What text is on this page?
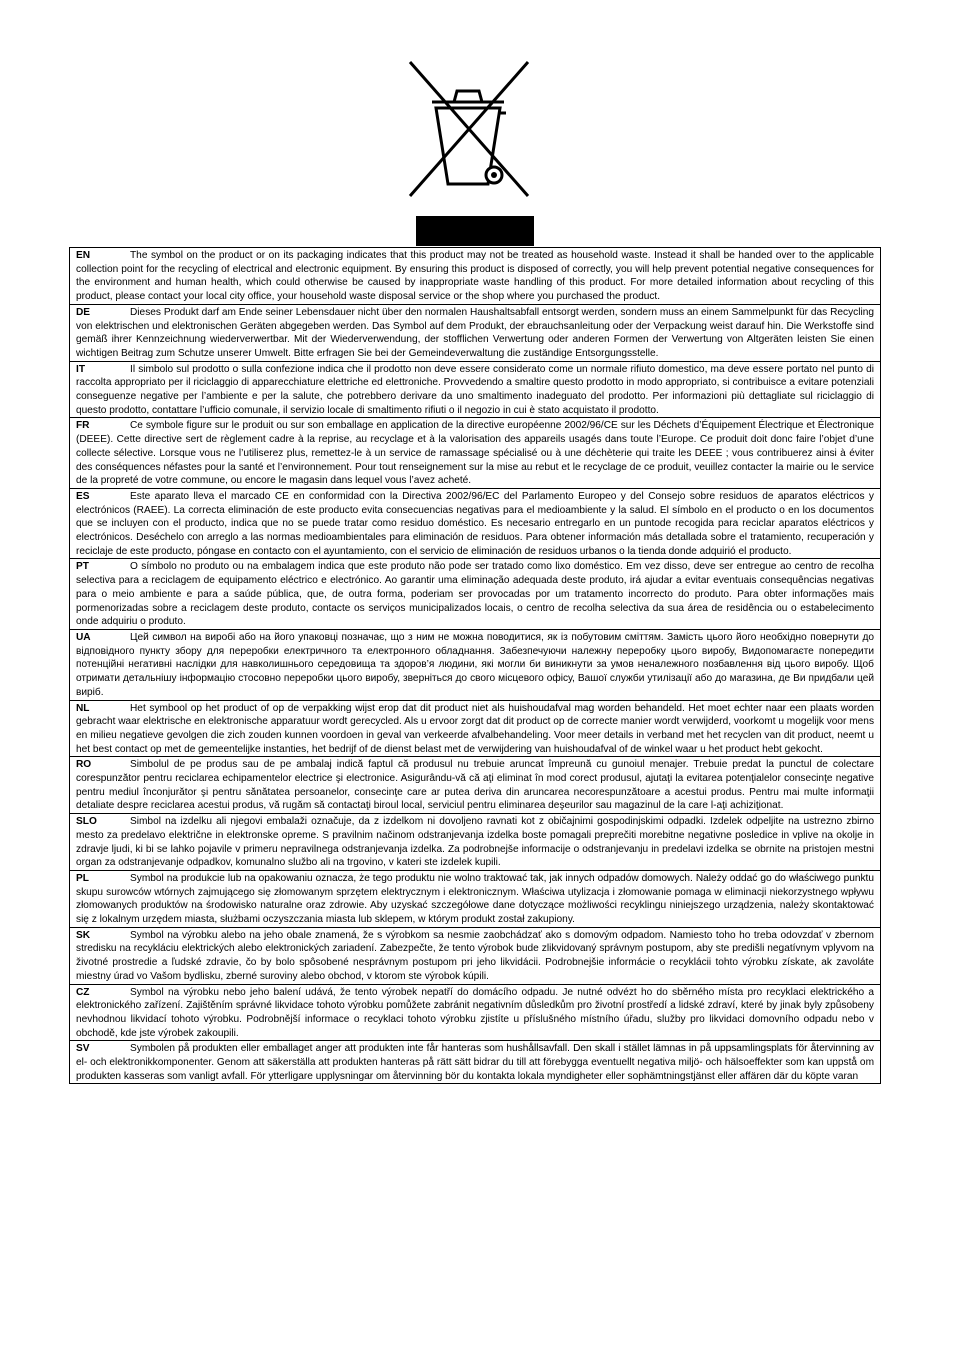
EN	The symbol on the product or on its packaging indicates that this product may not be treated as household waste. Instead it shall be handed over to the applicable collection point for the recycling of electrical and electronic equipment. By ensuring this product is disposed of correctly, you will help prevent potential negative consequences for the environment and human health, which could otherwise be caused by inappropriate waste handling of this product. For more detailed information about recycling of this product, please contact your local city office, your household waste disposal service or the shop where you purchased the product.
DE	Dieses Produkt darf am Ende seiner Lebensdauer nicht über den normalen Haushaltsabfall entsorgt werden, sondern muss an einem Sammelpunkt für das Recycling von elektrischen und elektronischen Geräten abgegeben werden. Das Symbol auf dem Produkt, der ebrauchsanleitung oder der Verpackung weist darauf hin. Die Werkstoffe sind gemäß ihrer Kennzeichnung wiederverwertbar. Mit der Wiederverwendung, der stofflichen Verwertung oder anderen Formen der Verwertung von Altgeräten leisten Sie einen wichtigen Beitrag zum Schutze unserer Umwelt. Bitte erfragen Sie bei der Gemeindeverwaltung die zuständige Entsorgungsstelle.
IT	Il simbolo sul prodotto o sulla confezione indica che il prodotto non deve essere considerato come un normale rifiuto domestico, ma deve essere portato nel punto di raccolta appropriato per il riciclaggio di apparecchiature elettriche ed elettroniche. Provvedendo a smaltire questo prodotto in modo appropriato, si contribuisce a evitare potenziali conseguenze negative per l’ambiente e per la salute, che potrebbero derivare da uno smaltimento inadeguato del prodotto. Per informazioni più dettagliate sul riciclaggio di questo prodotto, contattare l’ufficio comunale, il servizio locale di smaltimento rifiuti o il negozio in cui è stato acquistato il prodotto.
FR	Ce symbole figure sur le produit ou sur son emballage en application de la directive européenne 2002/96/CE sur les Déchets d’Équipement Électrique et Électronique (DEEE). Cette directive sert de règlement cadre à la reprise, au recyclage et à la valorisation des appareils usagés dans toute l’Europe. Ce produit doit donc faire l’objet d’une collecte sélective. Lorsque vous ne l’utiliserez plus, remettez-le à un service de ramassage spécialisé ou à une déchèterie qui traite les DEEE ; vous contribuerez ainsi à éviter des conséquences néfastes pour la santé et l’environnement. Pour tout renseignement sur la mise au rebut et le recyclage de ce produit, veuillez contacter la mairie ou le service de la propreté de votre commune, ou encore le magasin dans lequel vous l’avez acheté.
ES	Este aparato lleva el marcado CE en conformidad con la Directiva 2002/96/EC del Parlamento Europeo y del Consejo sobre residuos de aparatos eléctricos y electrónicos (RAEE). La correcta eliminación de este producto evita consecuencias negativas para el medioambiente y la salud. El símbolo en el producto o en los documentos que se incluyen con el producto, indica que no se puede tratar como residuo doméstico. Es necesario entregarlo en un puntode recogida para reciclar aparatos eléctricos y electrónicos. Deséchelo con arreglo a las normas medioambientales para eliminación de residuos. Para obtener información más detallada sobre el tratamiento, recuperación y reciclaje de este producto, póngase en contacto con el ayuntamiento, con el servicio de eliminación de residuos urbanos o la tienda donde adquirió el producto.
PT	O símbolo no produto ou na embalagem indica que este produto não pode ser tratado como lixo doméstico. Em vez disso, deve ser entregue ao centro de recolha selectiva para a reciclagem de equipamento eléctrico e electrónico. Ao garantir uma eliminação adequada deste produto, irá ajudar a evitar eventuais consequências negativas para o meio ambiente e para a saúde pública, que, de outra forma, poderiam ser provocadas por um tratamento incorrecto do produto. Para obter informações mais pormenorizadas sobre a reciclagem deste produto, contacte os serviços municipalizados locais, o centro de recolha selectiva da sua área de residência ou o estabelecimento onde adquiriu o produto.
UA	Цей символ на виробі або на його упаковці позначає, що з ним не можна поводитися, як із побутовим сміттям. Замість цього його необхідно повернути до відповідного пункту збору для переробки електричного та електронного обладнання. Забезпечуючи належну переробку цього виробу, Видопомагаєте попередити потенційні негативні наслідки для навколишнього середовища та здоров’я людини, які могли би виникнути за умов неналежного позбавлення від цього виробу. Щоб отримати детальнішу інформацію стосовно переробки цього виробу, зверніться до свого місцевого офісу, Вашої служби утилізації або до магазина, де Ви придбали цей виріб.
NL	Het symbool op het product of op de verpakking wijst erop dat dit product niet als huishoudafval mag worden behandeld. Het moet echter naar een plaats worden gebracht waar elektrische en elektronische apparatuur wordt gerecycled. Als u ervoor zorgt dat dit product op de correcte manier wordt verwijderd, voorkomt u mogelijk voor mens en milieu negatieve gevolgen die zich zouden kunnen voordoen in geval van verkeerde afvalbehandeling. Voor meer details in verband met het recyclen van dit product, neemt u het best contact op met de gemeentelijke instanties, het bedrijf of de dienst belast met de verwijdering van huishoudafval of de winkel waar u het product hebt gekocht.
RO	Simbolul de pe produs sau de pe ambalaj indică faptul că produsul nu trebuie aruncat împreună cu gunoiul menajer. Trebuie predat la punctul de colectare corespunzător pentru reciclarea echipamentelor electrice şi electronice. Asigurându-vă că aţi eliminat în mod corect produsul, ajutaţi la evitarea potenţialelor consecinţe negative pentru mediul înconjurător şi pentru sănătatea persoanelor, consecinţe care ar putea deriva din aruncarea necorespunzătoare a acestui produs. Pentru mai multe informaţii detaliate despre reciclarea acestui produs, vă rugăm să contactaţi biroul local, serviciul pentru eliminarea deşeurilor sau magazinul de la care l-aţi achiziţionat.
SLO	Simbol na izdelku ali njegovi embalaži označuje, da z izdelkom ni dovoljeno ravnati kot z običajnimi gospodinjskimi odpadki. Izdelek odpeljite na ustrezno zbirno mesto za predelavo električne in elektronske opreme. S pravilnim načinom odstranjevanja izdelka boste pomagali preprečiti morebitne negativne posledice in vplive na okolje in zdravje ljudi, ki bi se lahko pojavile v primeru nepravilnega odstranjevanja izdelka. Za podrobnejše informacije o odstranjevanju in predelavi izdelka se obrnite na pristojen mestni organ za odstranjevanje odpadkov, komunalno službo ali na trgovino, v kateri ste izdelek kupili.
PL	Symbol na produkcie lub na opakowaniu oznacza, że tego produktu nie wolno traktować tak, jak innych odpadów domowych. Należy oddać go do właściwego punktu skupu surowców wtórnych zajmującego się złomowanym sprzętem elektrycznym i elektronicznym. Właściwa utylizacja i złomowanie pomaga w eliminacji niekorzystnego wpływu złomowanych produktów na środowisko naturalne oraz zdrowie. Aby uzyskać szczegółowe dane dotyczące możliwości recyklingu niniejszego urządzenia, należy skontaktować się z lokalnym urzędem miasta, służbami oczyszczania miasta lub sklepem, w którym produkt został zakupiony.
SK	Symbol na výrobku alebo na jeho obale znamená, že s výrobkom sa nesmie zaobchádzať ako s domovým odpadom. Namiesto toho ho treba odovzdať v zbernom stredisku na recykláciu elektrických alebo elektronických zariadení. Zabezpečte, že tento výrobok bude zlikvidovaný správnym postupom, aby ste predišli negatívnym vplyvom na životné prostredie a ľudské zdravie, čo by bolo spôsobené nesprávnym postupom pri jeho likvidácii. Podrobnejšie informácie o recyklácii tohto výrobku získate, ak zavoláte miestny úrad vo Vašom bydlisku, zberné suroviny alebo obchod, v ktorom ste výrobok kúpili.
CZ	Symbol na výrobku nebo jeho balení udává, že tento výrobek nepatří do domácího odpadu. Je nutné odvézt ho do sběrného místa pro recyklaci elektrického a elektronického zařízení. Zajištěním správné likvidace tohoto výrobku pomůžete zabránit negativním důsledkům pro životní prostředí a lidské zdraví, které by jinak byly způsobeny nevhodnou likvidací tohoto výrobku. Podrobnější informace o recyklaci tohoto výrobku zjistíte u příslušného místního úřadu, služby pro likvidaci domovního odpadu nebo v obchodě, kde jste výrobek zakoupili.
SV	Symbolen på produkten eller emballaget anger att produkten inte får hanteras som hushållsavfall. Den skall i stället lämnas in på uppsamlingsplats för återvinning av el- och elektronikkomponenter. Genom att säkerställa att produkten hanteras på rätt sätt bidrar du till att förebygga eventuellt negativa miljö- och hälsoeffekter som kan uppstå om produkten kasseras som vanligt avfall. För ytterligare upplysningar om återvinning bör du kontakta lokala myndigheter eller sophämtningstjänst eller affären där du köpte varan
